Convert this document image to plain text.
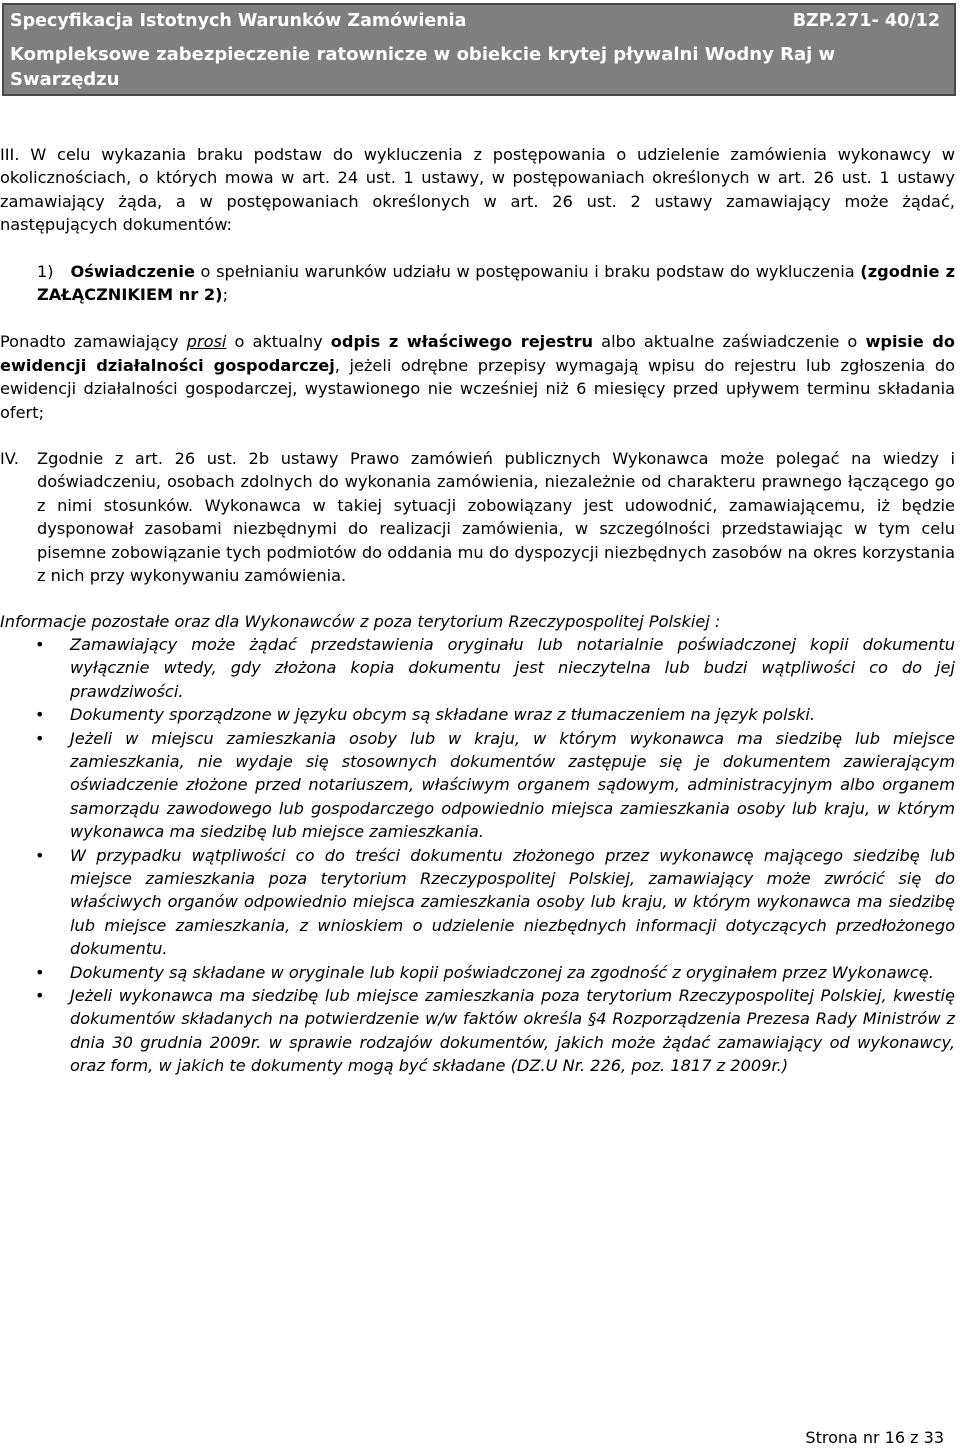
Specyfikacja Istotnych Warunków Zamówienia	BZP.271- 40/12
Kompleksowe zabezpieczenie ratownicze w obiekcie krytej pływalni Wodny Raj w Swarzędzu

III. W celu wykazania braku podstaw do wykluczenia z postępowania o udzielenie zamówienia wykonawcy w okolicznościach, o których mowa w art. 24 ust. 1 ustawy, w postępowaniach określonych w art. 26 ust. 1 ustawy zamawiający żąda, a w postępowaniach określonych w art. 26 ust. 2 ustawy zamawiający może żądać, następujących dokumentów:

1) Oświadczenie o spełnianiu warunków udziału w postępowaniu i braku podstaw do wykluczenia (zgodnie z ZAŁĄCZNIKIEM nr 2);

Ponadto zamawiający prosi o aktualny odpis z właściwego rejestru albo aktualne zaświadczenie o wpisie do ewidencji działalności gospodarczej, jeżeli odrębne przepisy wymagają wpisu do rejestru lub zgłoszenia do ewidencji działalności gospodarczej, wystawionego nie wcześniej niż 6 miesięcy przed upływem terminu składania ofert;

IV. Zgodnie z art. 26 ust. 2b ustawy Prawo zamówień publicznych Wykonawca może polegać na wiedzy i doświadczeniu, osobach zdolnych do wykonania zamówienia, niezależnie od charakteru prawnego łączącego go z nimi stosunków. Wykonawca w takiej sytuacji zobowiązany jest udowodnić, zamawiającemu, iż będzie dysponował zasobami niezbędnymi do realizacji zamówienia, w szczególności przedstawiając w tym celu pisemne zobowiązanie tych podmiotów do oddania mu do dyspozycji niezbędnych zasobów na okres korzystania z nich przy wykonywaniu zamówienia.

Informacje pozostałe oraz dla Wykonawców z poza terytorium Rzeczypospolitej Polskiej :

• Zamawiający może żądać przedstawienia oryginału lub notarialnie poświadczonej kopii dokumentu wyłącznie wtedy, gdy złożona kopia dokumentu jest nieczytelna lub budzi wątpliwości co do jej prawdziwości.
• Dokumenty sporządzone w języku obcym są składane wraz z tłumaczeniem na język polski.
• Jeżeli w miejscu zamieszkania osoby lub w kraju, w którym wykonawca ma siedzibę lub miejsce zamieszkania, nie wydaje się stosownych dokumentów zastępuje się je dokumentem zawierającym oświadczenie złożone przed notariuszem, właściwym organem sądowym, administracyjnym albo organem samorządu zawodowego lub gospodarczego odpowiednio miejsca zamieszkania osoby lub kraju, w którym wykonawca ma siedzibę lub miejsce zamieszkania.
• W przypadku wątpliwości co do treści dokumentu złożonego przez wykonawcę mającego siedzibę lub miejsce zamieszkania poza terytorium Rzeczypospolitej Polskiej, zamawiający może zwrócić się do właściwych organów odpowiednio miejsca zamieszkania osoby lub kraju, w którym wykonawca ma siedzibę lub miejsce zamieszkania, z wnioskiem o udzielenie niezbędnych informacji dotyczących przedłożonego dokumentu.
• Dokumenty są składane w oryginale lub kopii poświadczonej za zgodność z oryginałem przez Wykonawcę.
• Jeżeli wykonawca ma siedzibę lub miejsce zamieszkania poza terytorium Rzeczypospolitej Polskiej, kwestię dokumentów składanych na potwierdzenie w/w faktów określa §4 Rozporządzenia Prezesa Rady Ministrów z dnia 30 grudnia 2009r. w sprawie rodzajów dokumentów, jakich może żądać zamawiający od wykonawcy, oraz form, w jakich te dokumenty mogą być składane (DZ.U Nr. 226, poz. 1817 z 2009r.)
Strona nr 16 z 33
